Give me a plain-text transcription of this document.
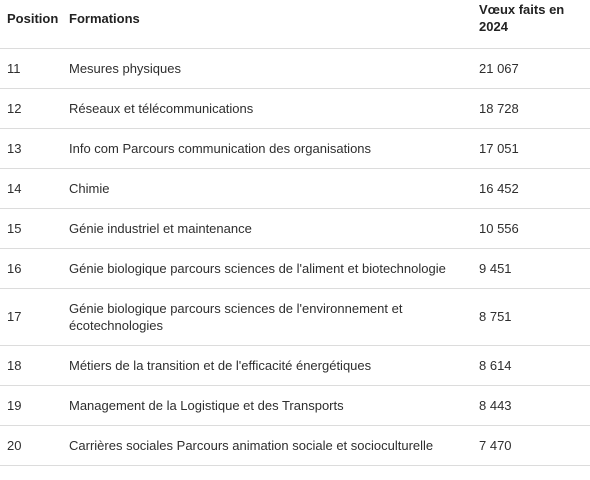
Position	Formations	Vœux faits en 2024
11	Mesures physiques	21 067
12	Réseaux et télécommunications	18 728
13	Info com Parcours communication des organisations	17 051
14	Chimie	16 452
15	Génie industriel et maintenance	10 556
16	Génie biologique parcours sciences de l'aliment et biotechnologie	9 451
17	Génie biologique parcours sciences de l'environnement et écotechnologies	8 751
18	Métiers de la transition et de l'efficacité énergétiques	8 614
19	Management de la Logistique et des Transports	8 443
20	Carrières sociales Parcours animation sociale et socioculturelle	7 470
